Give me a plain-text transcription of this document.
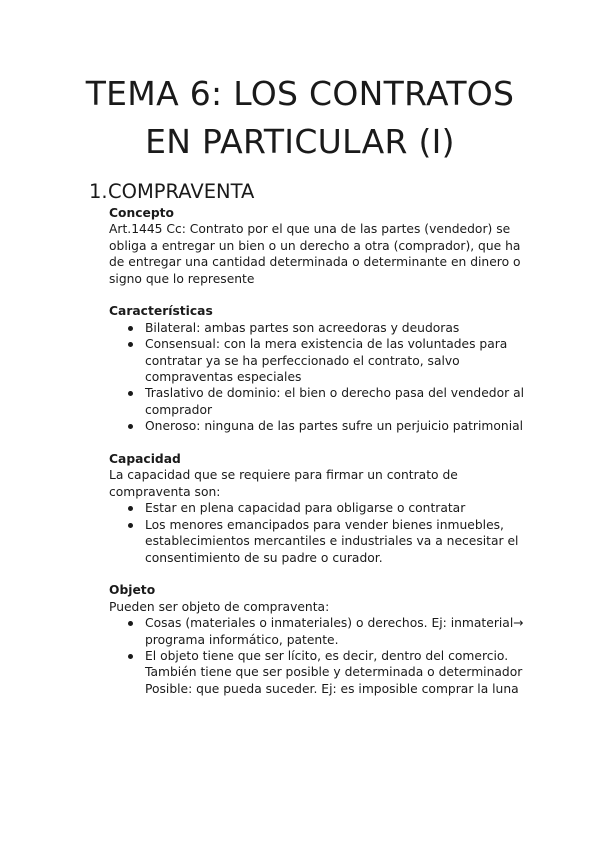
TEMA 6: LOS CONTRATOS
EN PARTICULAR (I)
1.COMPRAVENTA

Concepto

Art.1445 Cc: Contrato por el que una de las partes (vendedor) se obliga a entregar un bien o un derecho a otra (comprador), que ha de entregar una cantidad determinada o determinante en dinero o signo que lo represente

Características

Bilateral: ambas partes son acreedoras y deudoras
Consensual: con la mera existencia de las voluntades para contratar ya se ha perfeccionado el contrato, salvo compraventas especiales
Traslativo de dominio: el bien o derecho pasa del vendedor al comprador
Oneroso: ninguna de las partes sufre un perjuicio patrimonial

Capacidad

La capacidad que se requiere para firmar un contrato de compraventa son:

Estar en plena capacidad para obligarse o contratar
Los menores emancipados para vender bienes inmuebles, establecimientos mercantiles e industriales va a necesitar el consentimiento de su padre o curador.

Objeto

Pueden ser objeto de compraventa:

Cosas (materiales o inmateriales) o derechos. Ej: inmaterial→ programa informático, patente.
El objeto tiene que ser lícito, es decir, dentro del comercio. También tiene que ser posible y determinada o determinador
Posible: que pueda suceder. Ej: es imposible comprar la luna
